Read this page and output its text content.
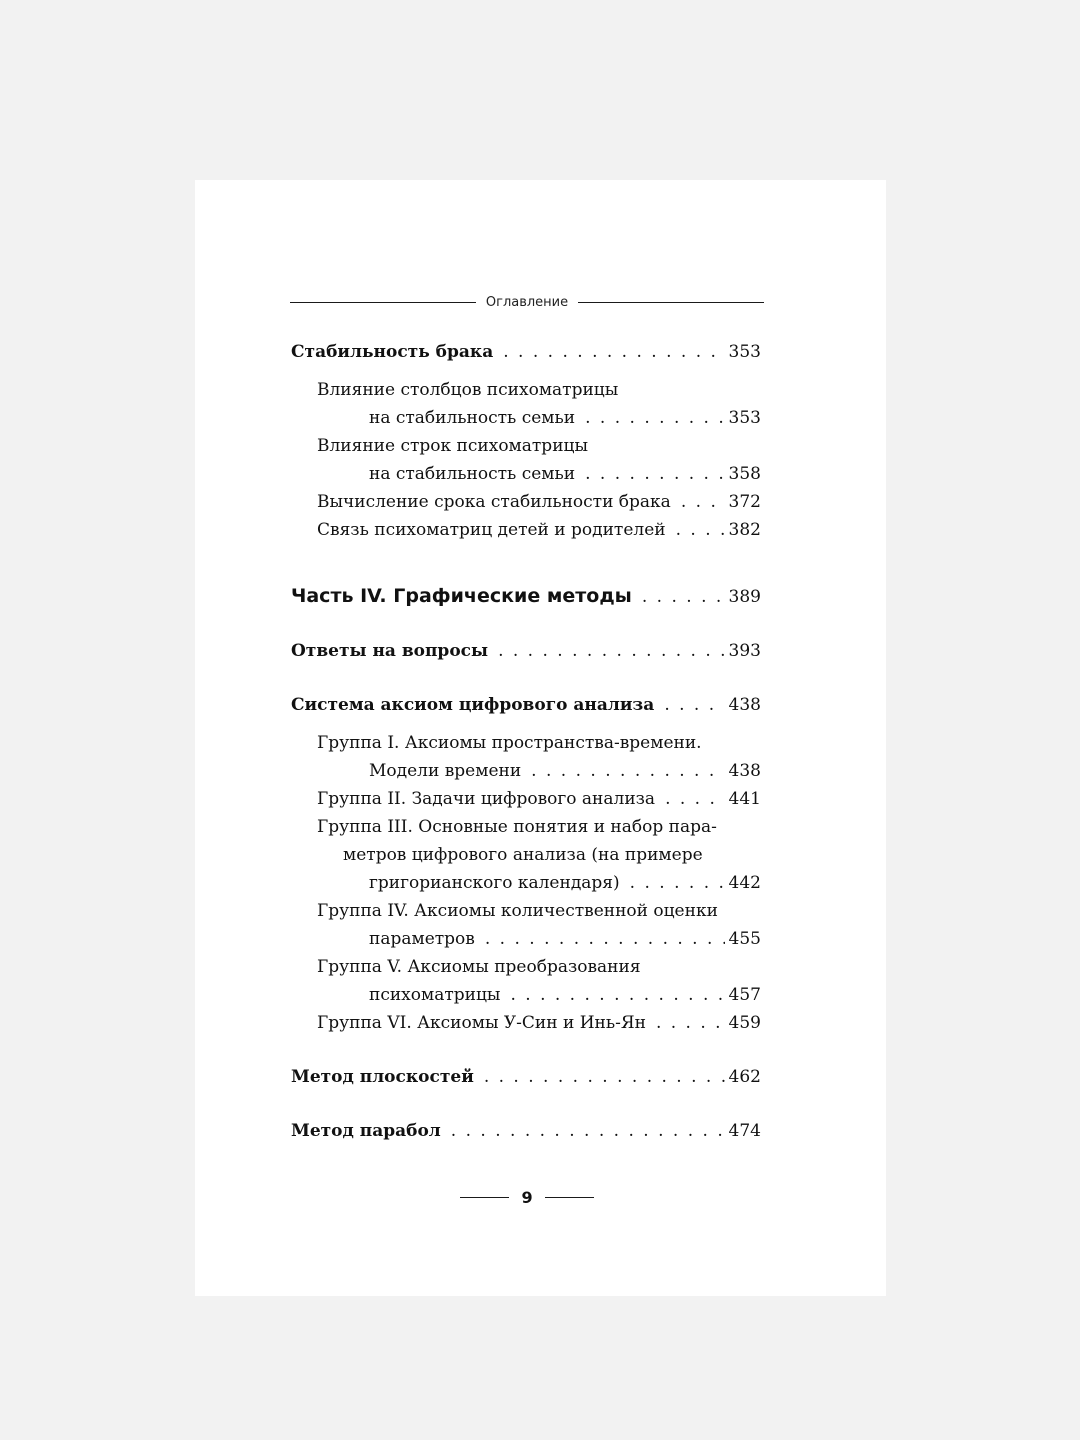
Оглавление
Стабильность брака . . .	353
Влияние столбцов психоматрицы
на стабильность семьи . . .	353
Влияние строк психоматрицы
на стабильность семьи . . .	358
Вычисление срока стабильности брака . . .	372
Связь психоматриц детей и родителей . . .	382
Часть IV. Графические методы . . .	389
Ответы на вопросы . . .	393
Система аксиом цифрового анализа . . .	438
Группа I. Аксиомы пространства-времени.
Модели времени . . .	438
Группа II. Задачи цифрового анализа . . .	441
Группа III. Основные понятия и набор пара-
метров цифрового анализа (на примере
григорианского календаря) . . .	442
Группа IV. Аксиомы количественной оценки
параметров . . .	455
Группа V. Аксиомы преобразования
психоматрицы . . .	457
Группа VI. Аксиомы У-Син и Инь-Ян . . .	459
Метод плоскостей . . .	462
Метод парабол . . .	474
9
